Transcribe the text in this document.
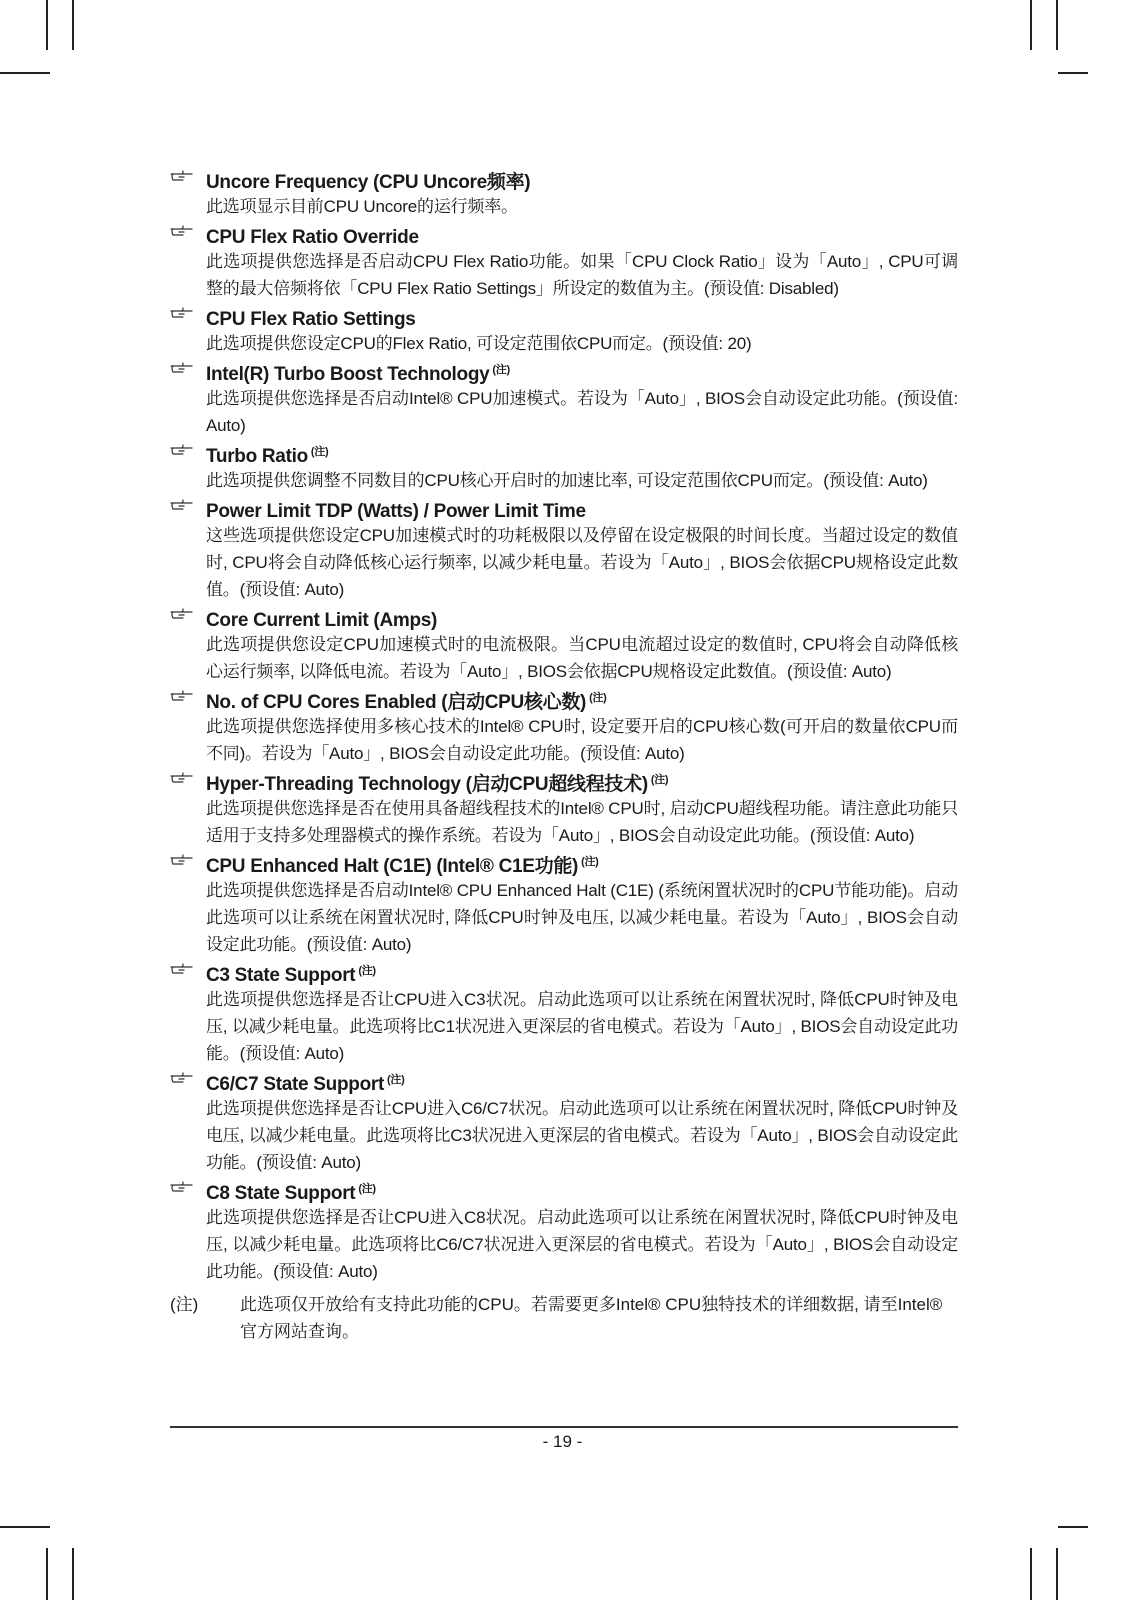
Uncore Frequency (CPU Uncore频率)
此选项显示目前CPU Uncore的运行频率。
CPU Flex Ratio Override
此选项提供您选择是否启动CPU Flex Ratio功能。如果「CPU Clock Ratio」设为「Auto」, CPU可调整的最大倍频将依「CPU Flex Ratio Settings」所设定的数值为主。(预设值: Disabled)
CPU Flex Ratio Settings
此选项提供您设定CPU的Flex Ratio, 可设定范围依CPU而定。(预设值: 20)
Intel(R) Turbo Boost Technology $^{(注)}$
此选项提供您选择是否启动Intel® CPU加速模式。若设为「Auto」, BIOS会自动设定此功能。(预设值: Auto)
Turbo Ratio $^{(注)}$
此选项提供您调整不同数目的CPU核心开启时的加速比率, 可设定范围依CPU而定。(预设值: Auto)
Power Limit TDP (Watts) / Power Limit Time
这些选项提供您设定CPU加速模式时的功耗极限以及停留在设定极限的时间长度。当超过设定的数值时, CPU将会自动降低核心运行频率, 以减少耗电量。若设为「Auto」, BIOS会依据CPU规格设定此数值。(预设值: Auto)
Core Current Limit (Amps)
此选项提供您设定CPU加速模式时的电流极限。当CPU电流超过设定的数值时, CPU将会自动降低核心运行频率, 以降低电流。若设为「Auto」, BIOS会依据CPU规格设定此数值。(预设值: Auto)
No. of CPU Cores Enabled (启动CPU核心数) $^{(注)}$
此选项提供您选择使用多核心技术的Intel® CPU时, 设定要开启的CPU核心数(可开启的数量依CPU而不同)。若设为「Auto」, BIOS会自动设定此功能。(预设值: Auto)
Hyper-Threading Technology (启动CPU超线程技术) $^{(注)}$
此选项提供您选择是否在使用具备超线程技术的Intel® CPU时, 启动CPU超线程功能。请注意此功能只适用于支持多处理器模式的操作系统。若设为「Auto」, BIOS会自动设定此功能。(预设值: Auto)
CPU Enhanced Halt (C1E) (Intel® C1E功能) $^{(注)}$
此选项提供您选择是否启动Intel® CPU Enhanced Halt (C1E) (系统闲置状况时的CPU节能功能)。启动此选项可以让系统在闲置状况时, 降低CPU时钟及电压, 以减少耗电量。若设为「Auto」, BIOS会自动设定此功能。(预设值: Auto)
C3 State Support $^{(注)}$
此选项提供您选择是否让CPU进入C3状况。启动此选项可以让系统在闲置状况时, 降低CPU时钟及电压, 以减少耗电量。此选项将比C1状况进入更深层的省电模式。若设为「Auto」, BIOS会自动设定此功能。(预设值: Auto)
C6/C7 State Support $^{(注)}$
此选项提供您选择是否让CPU进入C6/C7状况。启动此选项可以让系统在闲置状况时, 降低CPU时钟及电压, 以减少耗电量。此选项将比C3状况进入更深层的省电模式。若设为「Auto」, BIOS会自动设定此功能。(预设值: Auto)
C8 State Support $^{(注)}$
此选项提供您选择是否让CPU进入C8状况。启动此选项可以让系统在闲置状况时, 降低CPU时钟及电压, 以减少耗电量。此选项将比C6/C7状况进入更深层的省电模式。若设为「Auto」, BIOS会自动设定此功能。(预设值: Auto)
(注)	此选项仅开放给有支持此功能的CPU。若需要更多Intel® CPU独特技术的详细数据, 请至Intel®官方网站查询。
- 19 -
